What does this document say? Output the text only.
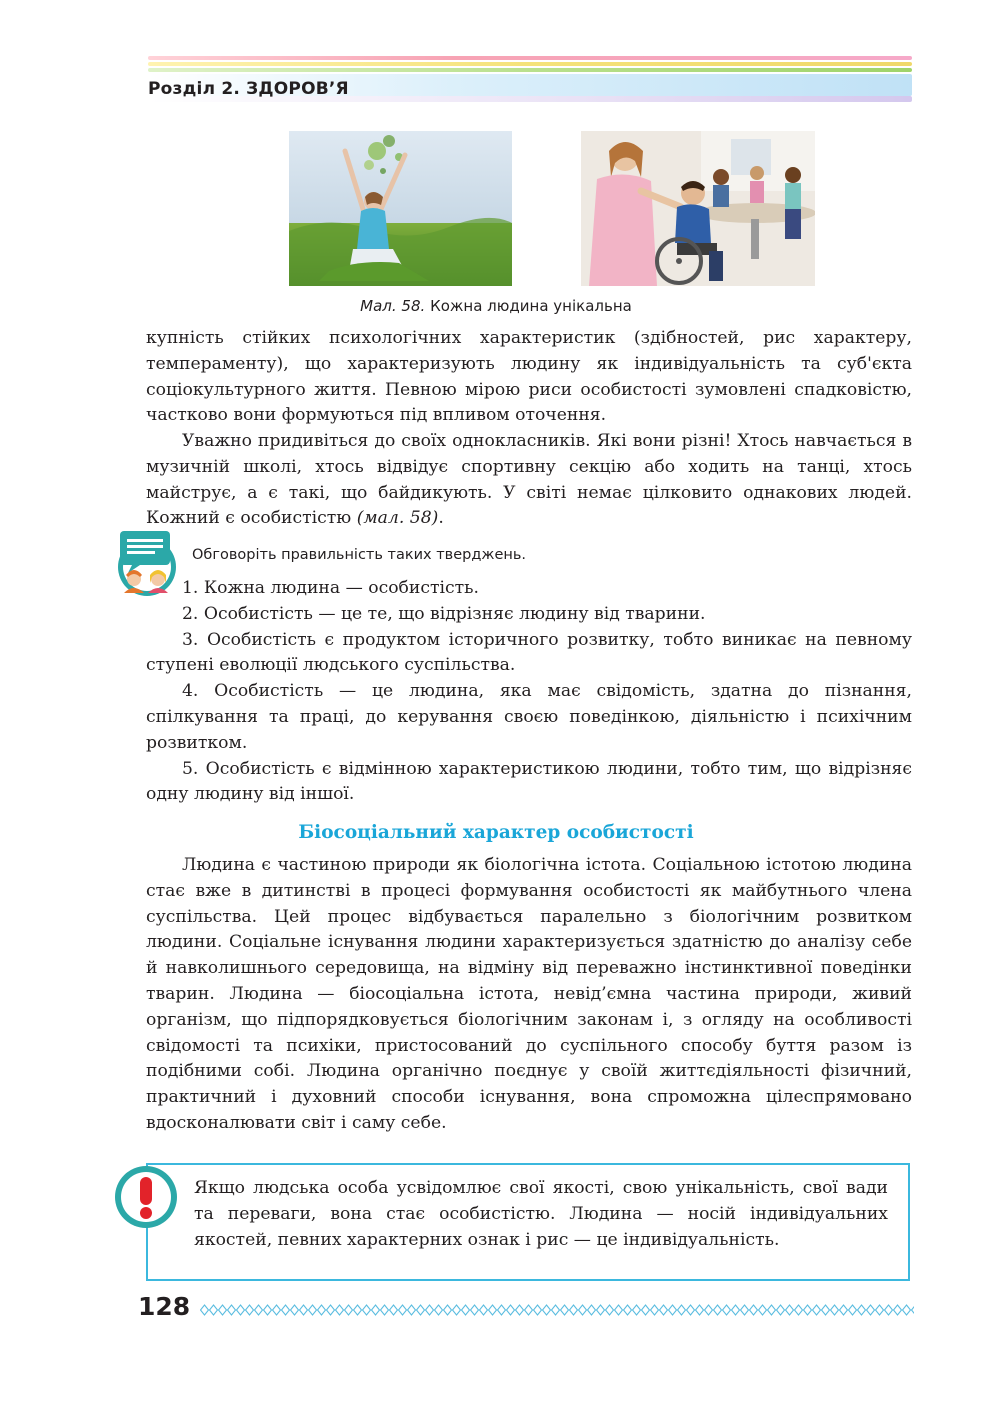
Розділ 2. ЗДОРОВ’Я
Мал. 58. Кожна людина унікальна

купність стійких психологічних характеристик (здібностей, рис характеру, темпераменту), що характеризують людину як індивідуальність та суб'єкта соціокультурного життя. Певною мірою риси особистості зумовлені спадковістю, частково вони формуються під впливом оточення.

Уважно придивіться до своїх однокласників. Які вони різні! Хтось навчається в музичній школі, хтось відвідує спортивну секцію або ходить на танці, хтось майструє, а є такі, що байдикують. У світі немає цілковито однакових людей. Кожний є особистістю (мал. 58).

Обговоріть правильність таких тверджень.

1. Кожна людина — особистість.

2. Особистість — це те, що відрізняє людину від тварини.

3. Особистість є продуктом історичного розвитку, тобто виникає на певному ступені еволюції людського суспільства.

4. Особистість — це людина, яка має свідомість, здатна до пізнання, спілкування та праці, до керування своєю поведінкою, діяльністю і психічним розвитком.

5. Особистість є відмінною характеристикою людини, тобто тим, що відрізняє одну людину від іншої.

Біосоціальний характер особистості

Людина є частиною природи як біологічна істота. Соціальною істотою людина стає вже в дитинстві в процесі формування особистості як майбутнього члена суспільства. Цей процес відбувається паралельно з біологічним розвитком людини. Соціальне існування людини характеризується здатністю до аналізу себе й навколишнього середовища, на відміну від переважно інстинктивної поведінки тварин. Людина — біосоціальна істота, невід’ємна частина природи, живий організм, що підпорядковується біологічним законам і, з огляду на особливості свідомості та психіки, пристосований до суспільного способу буття разом із подібними собі. Людина органічно поєднує у своїй життєдіяльності фізичний, практичний і духовний способи існування, вона спроможна цілеспрямовано вдосконалювати світ і саму себе.

Якщо людська особа усвідомлює свої якості, свою унікальність, свої вади та переваги, вона стає особистістю. Людина — носій індивідуальних якостей, певних характерних ознак і рис — це індивідуальність.
128
